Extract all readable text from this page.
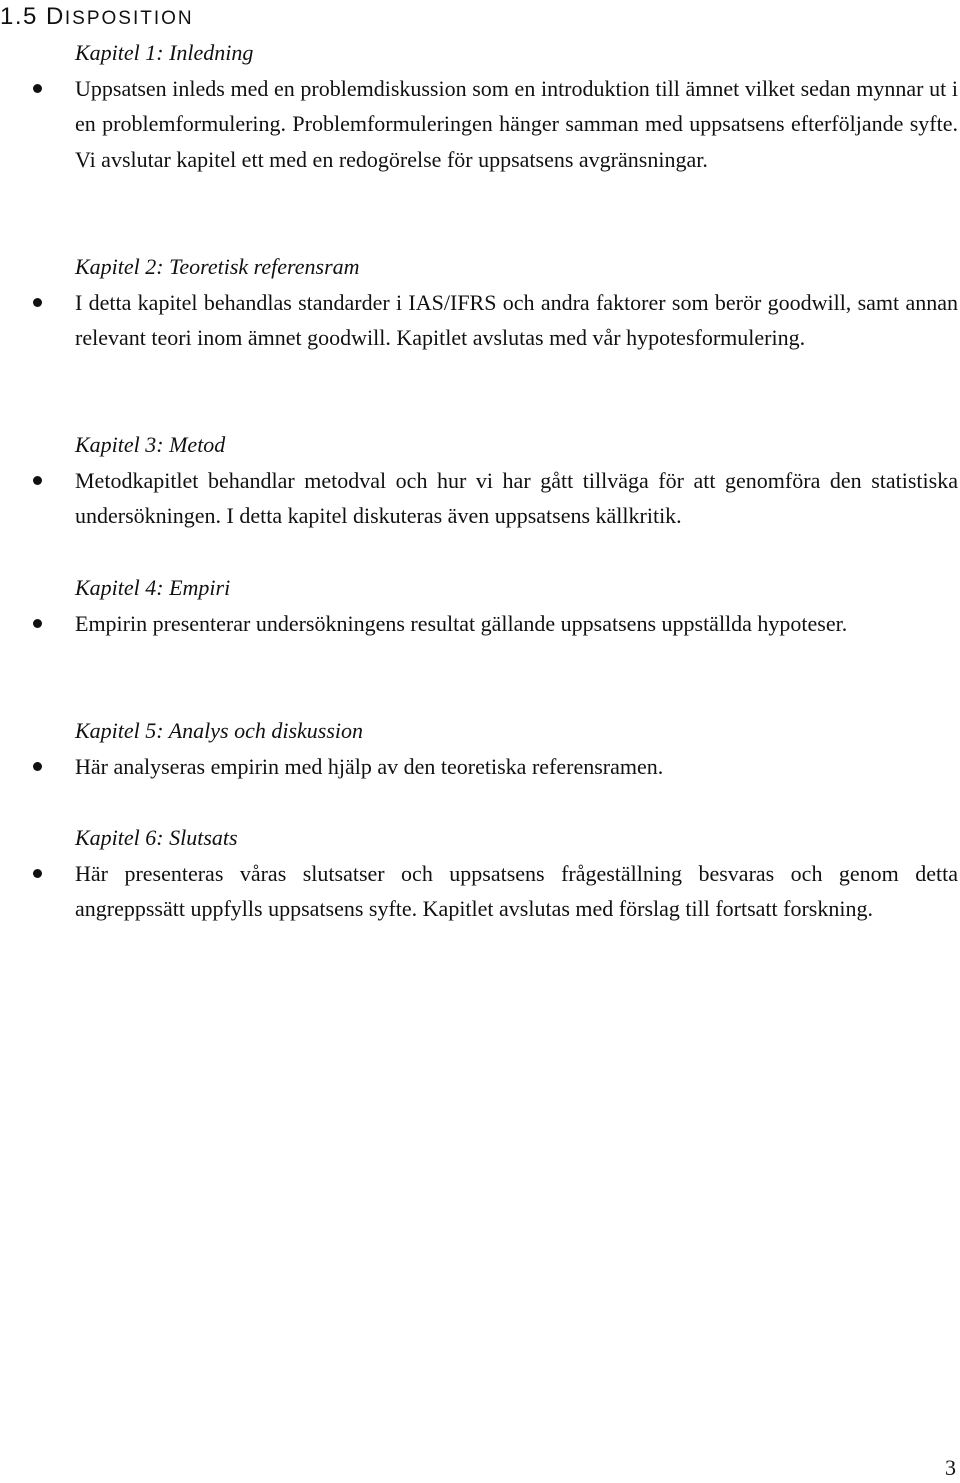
1.5 DISPOSITION

Kapitel 1: Inledning

Uppsatsen inleds med en problemdiskussion som en introduktion till ämnet vilket sedan mynnar ut i en problemformulering. Problemformuleringen hänger samman med uppsatsens efterföljande syfte. Vi avslutar kapitel ett med en redogörelse för uppsatsens avgränsningar.

Kapitel 2: Teoretisk referensram

I detta kapitel behandlas standarder i IAS/IFRS och andra faktorer som berör goodwill, samt annan relevant teori inom ämnet goodwill. Kapitlet avslutas med vår hypotesformulering.

Kapitel 3: Metod

Metodkapitlet behandlar metodval och hur vi har gått tillväga för att genomföra den statistiska undersökningen. I detta kapitel diskuteras även uppsatsens källkritik.

Kapitel 4: Empiri

Empirin presenterar undersökningens resultat gällande uppsatsens uppställda hypoteser.

Kapitel 5: Analys och diskussion

Här analyseras empirin med hjälp av den teoretiska referensramen.

Kapitel 6: Slutsats

Här presenteras våras slutsatser och uppsatsens frågeställning besvaras och genom detta angreppssätt uppfylls uppsatsens syfte. Kapitlet avslutas med förslag till fortsatt forskning.

3
